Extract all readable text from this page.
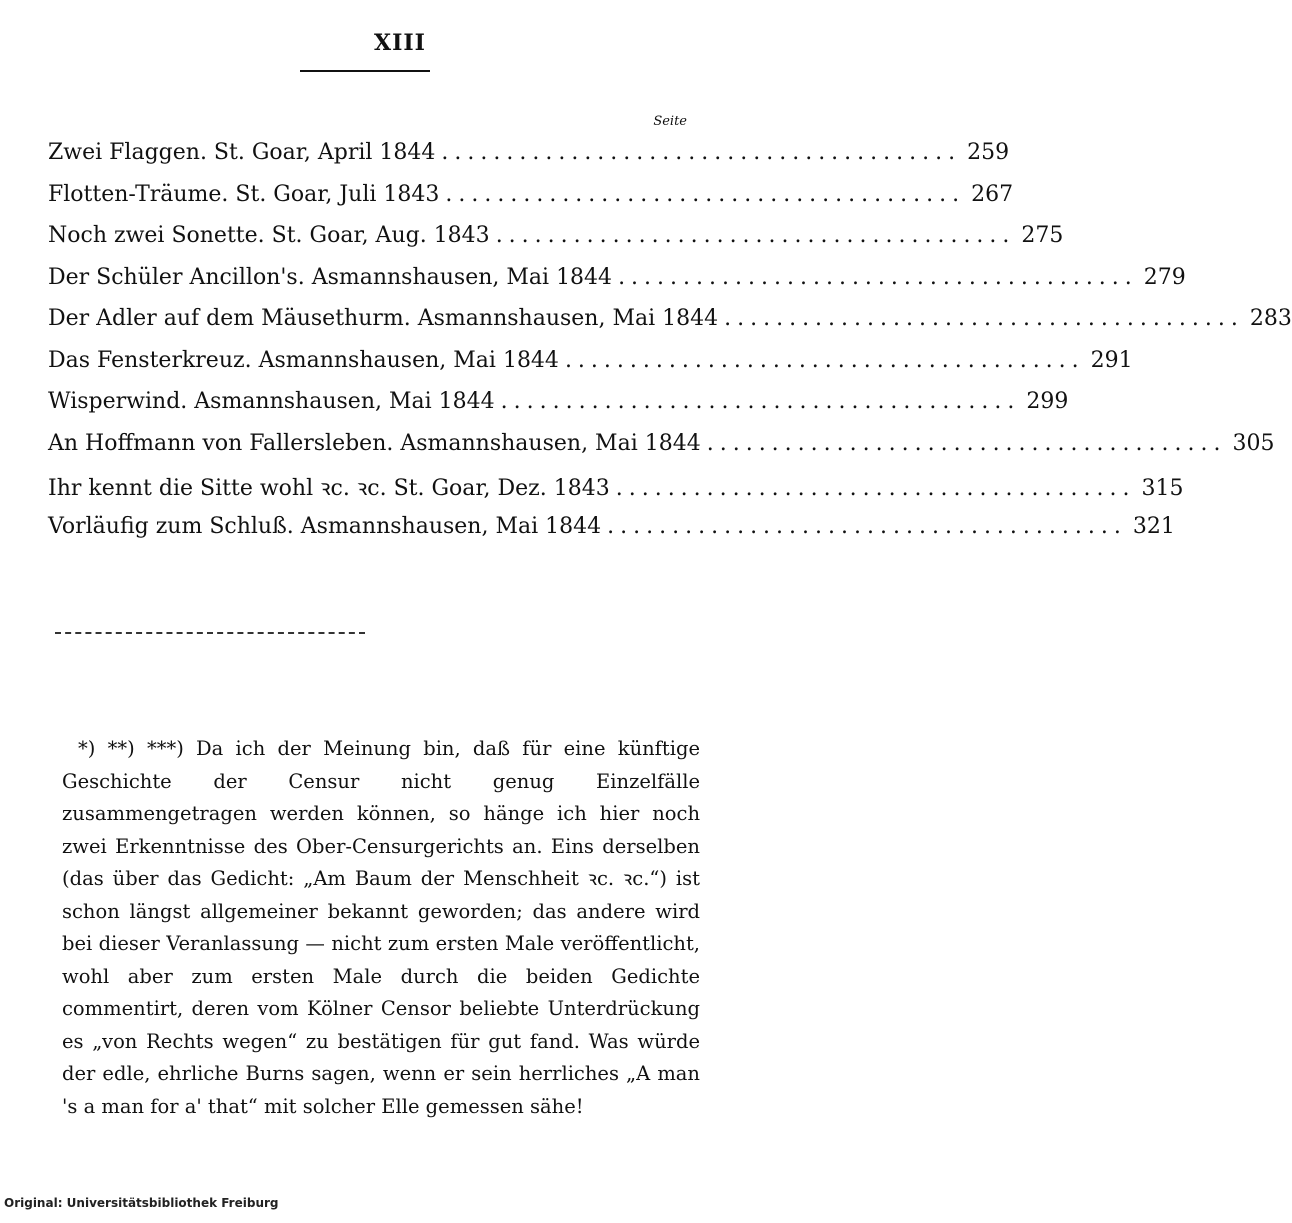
XIII
Seite
Zwei Flaggen. St. Goar, April 1844 ........................................ 259
Flotten-Träume. St. Goar, Juli 1843 ........................................ 267
Noch zwei Sonette. St. Goar, Aug. 1843 ........................................ 275
Der Schüler Ancillon's. Asmannshausen, Mai 1844 ........................................ 279
Der Adler auf dem Mäusethurm. Asmannshausen, Mai 1844 ........................................ 283
Das Fensterkreuz. Asmannshausen, Mai 1844 ........................................ 291
Wisperwind. Asmannshausen, Mai 1844 ........................................ 299
An Hoffmann von Fallersleben. Asmannshausen, Mai 1844 ........................................ 305
Ihr kennt die Sitte wohl ꝛc. ꝛc. St. Goar, Dez. 1843 ........................................ 315
Vorläufig zum Schluß. Asmannshausen, Mai 1844 ........................................ 321

*) **) ***) Da ich der Meinung bin, daß für eine künftige Geschichte der Censur nicht genug Einzelfälle zusammengetragen werden können, so hänge ich hier noch zwei Erkenntnisse des Ober-Censurgerichts an. Eins derselben (das über das Gedicht: „Am Baum der Menschheit ꝛc. ꝛc.“) ist schon längst allgemeiner bekannt geworden; das andere wird bei dieser Veranlassung — nicht zum ersten Male veröffentlicht, wohl aber zum ersten Male durch die beiden Gedichte commentirt, deren vom Kölner Censor beliebte Unterdrückung es „von Rechts wegen“ zu bestätigen für gut fand. Was würde der edle, ehrliche Burns sagen, wenn er sein herrliches „A man 's a man for a' that“ mit solcher Elle gemessen sähe!

Original: Universitätsbibliothek Freiburg
